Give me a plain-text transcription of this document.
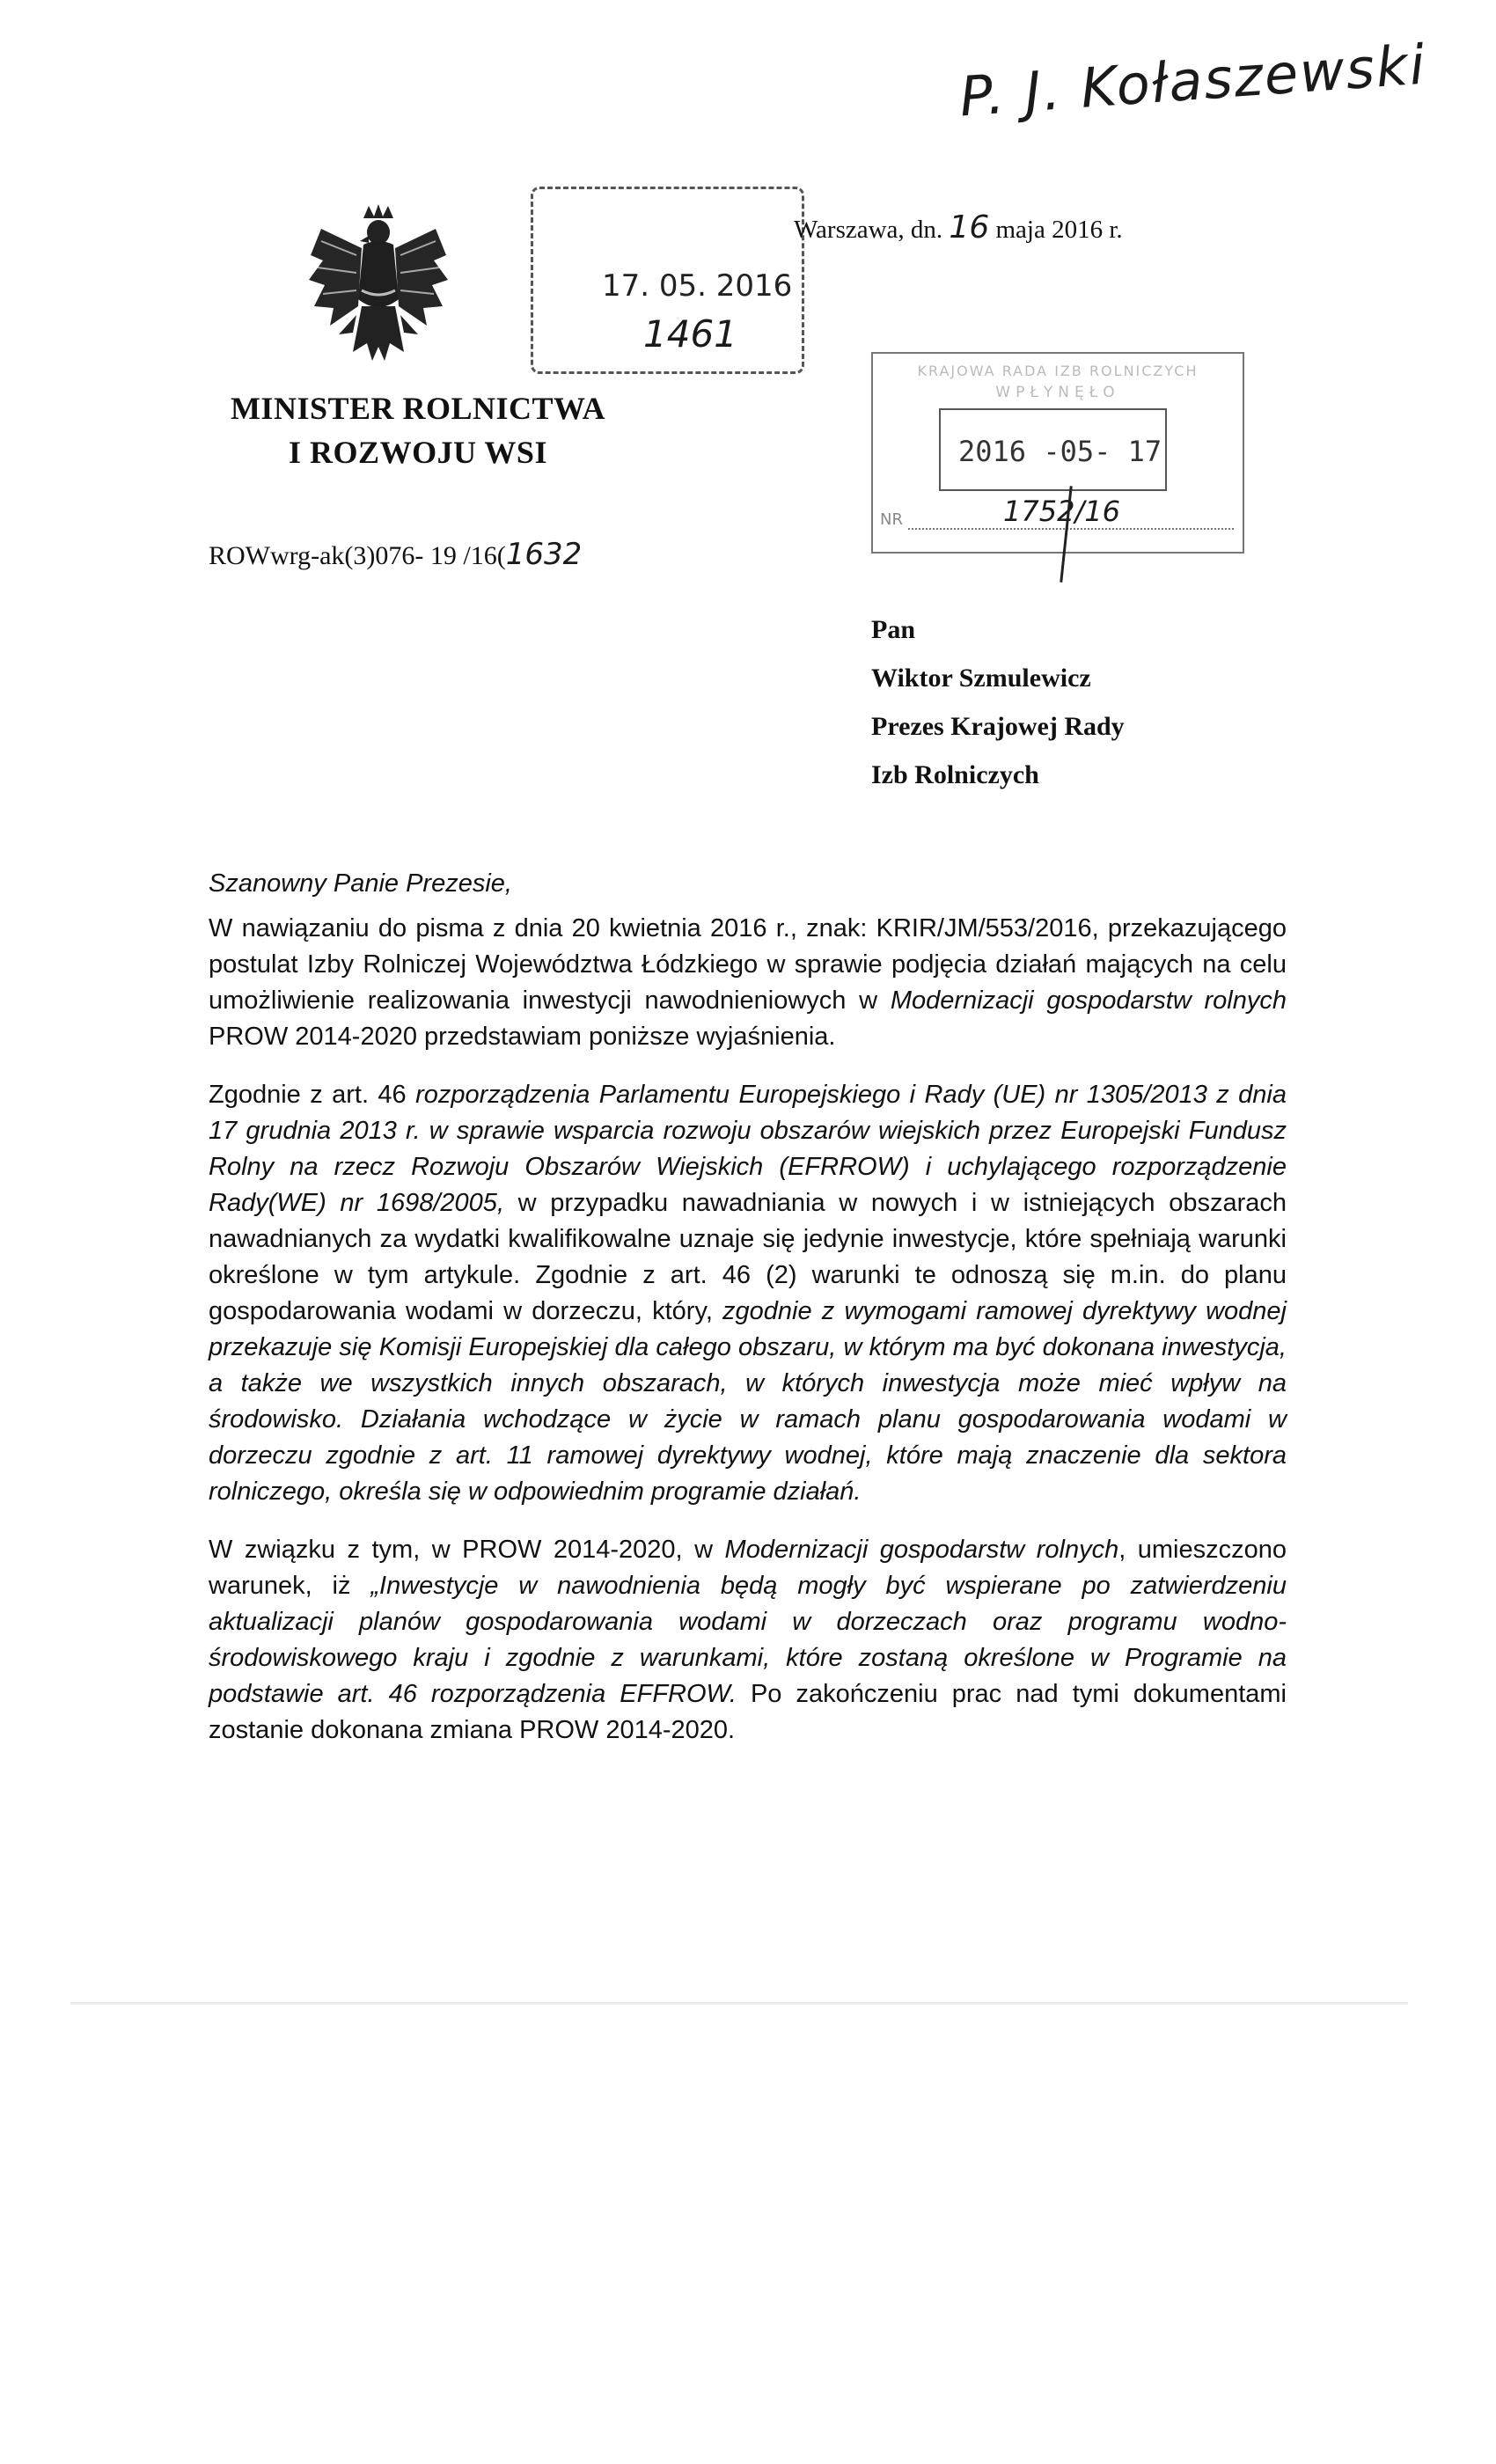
P. J. Kołaszewski
MINISTER ROLNICTWA
I ROZWOJU WSI
17. 05. 2016
1461
Warszawa, dn. 16 maja 2016 r.
KRAJOWA RADA IZB ROLNICZYCH
WPŁYNĘŁO
2016 -05- 17
NR	1752/16
ROWwrg-ak(3)076- 19 /16(1632
Pan
Wiktor Szmulewicz
Prezes Krajowej Rady
Izb Rolniczych
Szanowny Panie Prezesie,

W nawiązaniu do pisma z dnia 20 kwietnia 2016 r., znak: KRIR/JM/553/2016, przekazującego postulat Izby Rolniczej Województwa Łódzkiego w sprawie podjęcia działań mających na celu umożliwienie realizowania inwestycji nawodnieniowych w Modernizacji gospodarstw rolnych PROW 2014-2020 przedstawiam poniższe wyjaśnienia.

Zgodnie z art. 46 rozporządzenia Parlamentu Europejskiego i Rady (UE) nr 1305/2013 z dnia 17 grudnia 2013 r. w sprawie wsparcia rozwoju obszarów wiejskich przez Europejski Fundusz Rolny na rzecz Rozwoju Obszarów Wiejskich (EFRROW) i uchylającego rozporządzenie Rady(WE) nr 1698/2005, w przypadku nawadniania w nowych i w istniejących obszarach nawadnianych za wydatki kwalifikowalne uznaje się jedynie inwestycje, które spełniają warunki określone w tym artykule. Zgodnie z art. 46 (2) warunki te odnoszą się m.in. do planu gospodarowania wodami w dorzeczu, który, zgodnie z wymogami ramowej dyrektywy wodnej przekazuje się Komisji Europejskiej dla całego obszaru, w którym ma być dokonana inwestycja, a także we wszystkich innych obszarach, w których inwestycja może mieć wpływ na środowisko. Działania wchodzące w życie w ramach planu gospodarowania wodami w dorzeczu zgodnie z art. 11 ramowej dyrektywy wodnej, które mają znaczenie dla sektora rolniczego, określa się w odpowiednim programie działań.

W związku z tym, w PROW 2014-2020, w Modernizacji gospodarstw rolnych, umieszczono warunek, iż „Inwestycje w nawodnienia będą mogły być wspierane po zatwierdzeniu aktualizacji planów gospodarowania wodami w dorzeczach oraz programu wodno-środowiskowego kraju i zgodnie z warunkami, które zostaną określone w Programie na podstawie art. 46 rozporządzenia EFFROW. Po zakończeniu prac nad tymi dokumentami zostanie dokonana zmiana PROW 2014-2020.
